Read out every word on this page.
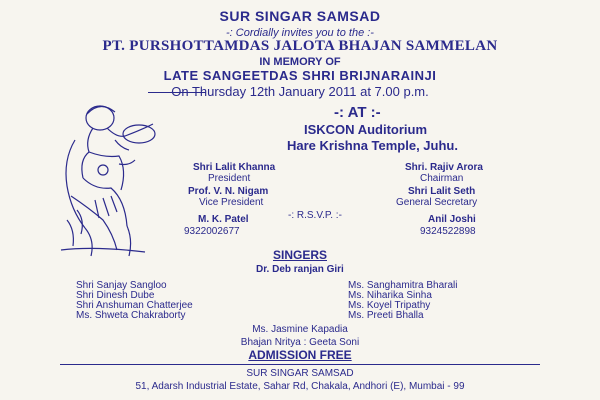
SUR SINGAR SAMSAD
-: Cordially invites you to the :-
PT. PURSHOTTAMDAS JALOTA BHAJAN SAMMELAN
IN MEMORY OF
LATE SANGEETDAS SHRI BRIJNARAINJI
On Thursday 12th January 2011 at 7.00 p.m.
-: AT :-
ISKCON Auditorium
Hare Krishna Temple, Juhu.
Shri Lalit Khanna
President
Shri. Rajiv Arora
Chairman
Prof. V. N. Nigam
Vice President
Shri Lalit Seth
General Secretary
-: R.S.V.P. :-
M. K. Patel
9322002677
Anil Joshi
9324522898
SINGERS
Dr. Deb ranjan Giri
Shri Sanjay Sangloo
Shri Dinesh Dube
Shri Anshuman Chatterjee
Ms. Shweta Chakraborty
Ms. Sanghamitra Bharali
Ms. Niharika Sinha
Ms. Koyel Tripathy
Ms. Preeti Bhalla
Ms. Jasmine Kapadia
Bhajan Nritya : Geeta Soni
ADMISSION FREE
SUR SINGAR SAMSAD
51, Adarsh Industrial Estate, Sahar Rd, Chakala, Andhori (E), Mumbai - 99
